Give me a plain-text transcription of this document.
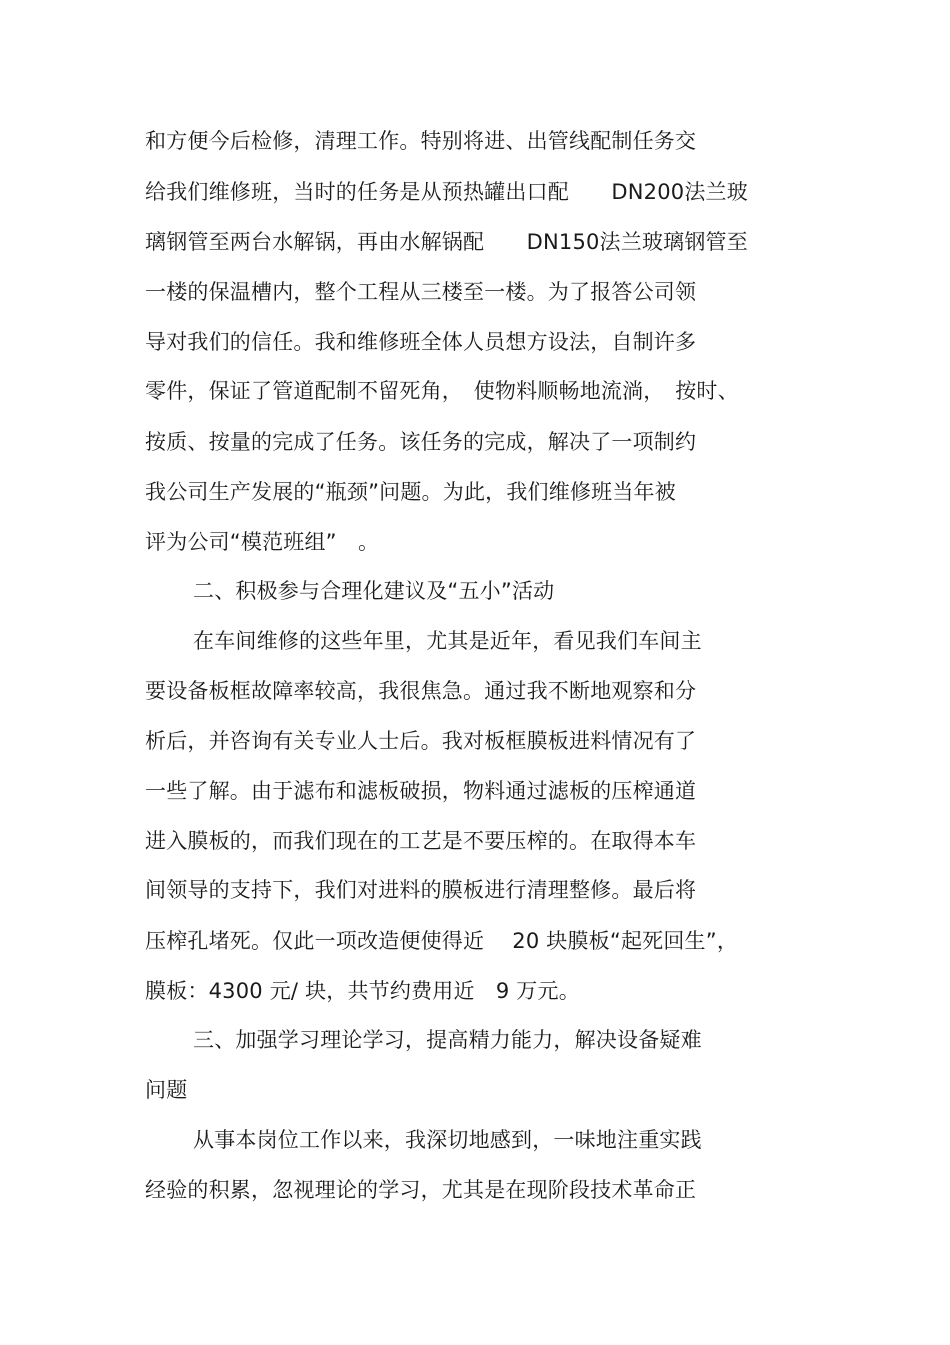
和方便今后检修，清理工作。特别将进、出管线配制任务交
给我们维修班，当时的任务是从预热罐出口配　　DN200法兰玻
璃钢管至两台水解锅，再由水解锅配　　DN150法兰玻璃钢管至
一楼的保温槽内，整个工程从三楼至一楼。为了报答公司领
导对我们的信任。我和维修班全体人员想方设法，自制许多
零件，保证了管道配制不留死角，　使物料顺畅地流淌，　按时、
按质、按量的完成了任务。该任务的完成，解决了一项制约
我公司生产发展的“瓶颈”问题。为此，我们维修班当年被
评为公司“模范班组”　。
二、积极参与合理化建议及“五小”活动
在车间维修的这些年里，尤其是近年，看见我们车间主
要设备板框故障率较高，我很焦急。通过我不断地观察和分
析后，并咨询有关专业人士后。我对板框膜板进料情况有了
一些了解。由于滤布和滤板破损，物料通过滤板的压榨通道
进入膜板的，而我们现在的工艺是不要压榨的。在取得本车
间领导的支持下，我们对进料的膜板进行清理整修。最后将
压榨孔堵死。仅此一项改造便使得近　 20 块膜板“起死回生”，
膜板：4300 元/ 块，共节约费用近　9 万元。
三、加强学习理论学习，提高精力能力，解决设备疑难
问题
从事本岗位工作以来，我深切地感到，一味地注重实践
经验的积累，忽视理论的学习，尤其是在现阶段技术革命正
